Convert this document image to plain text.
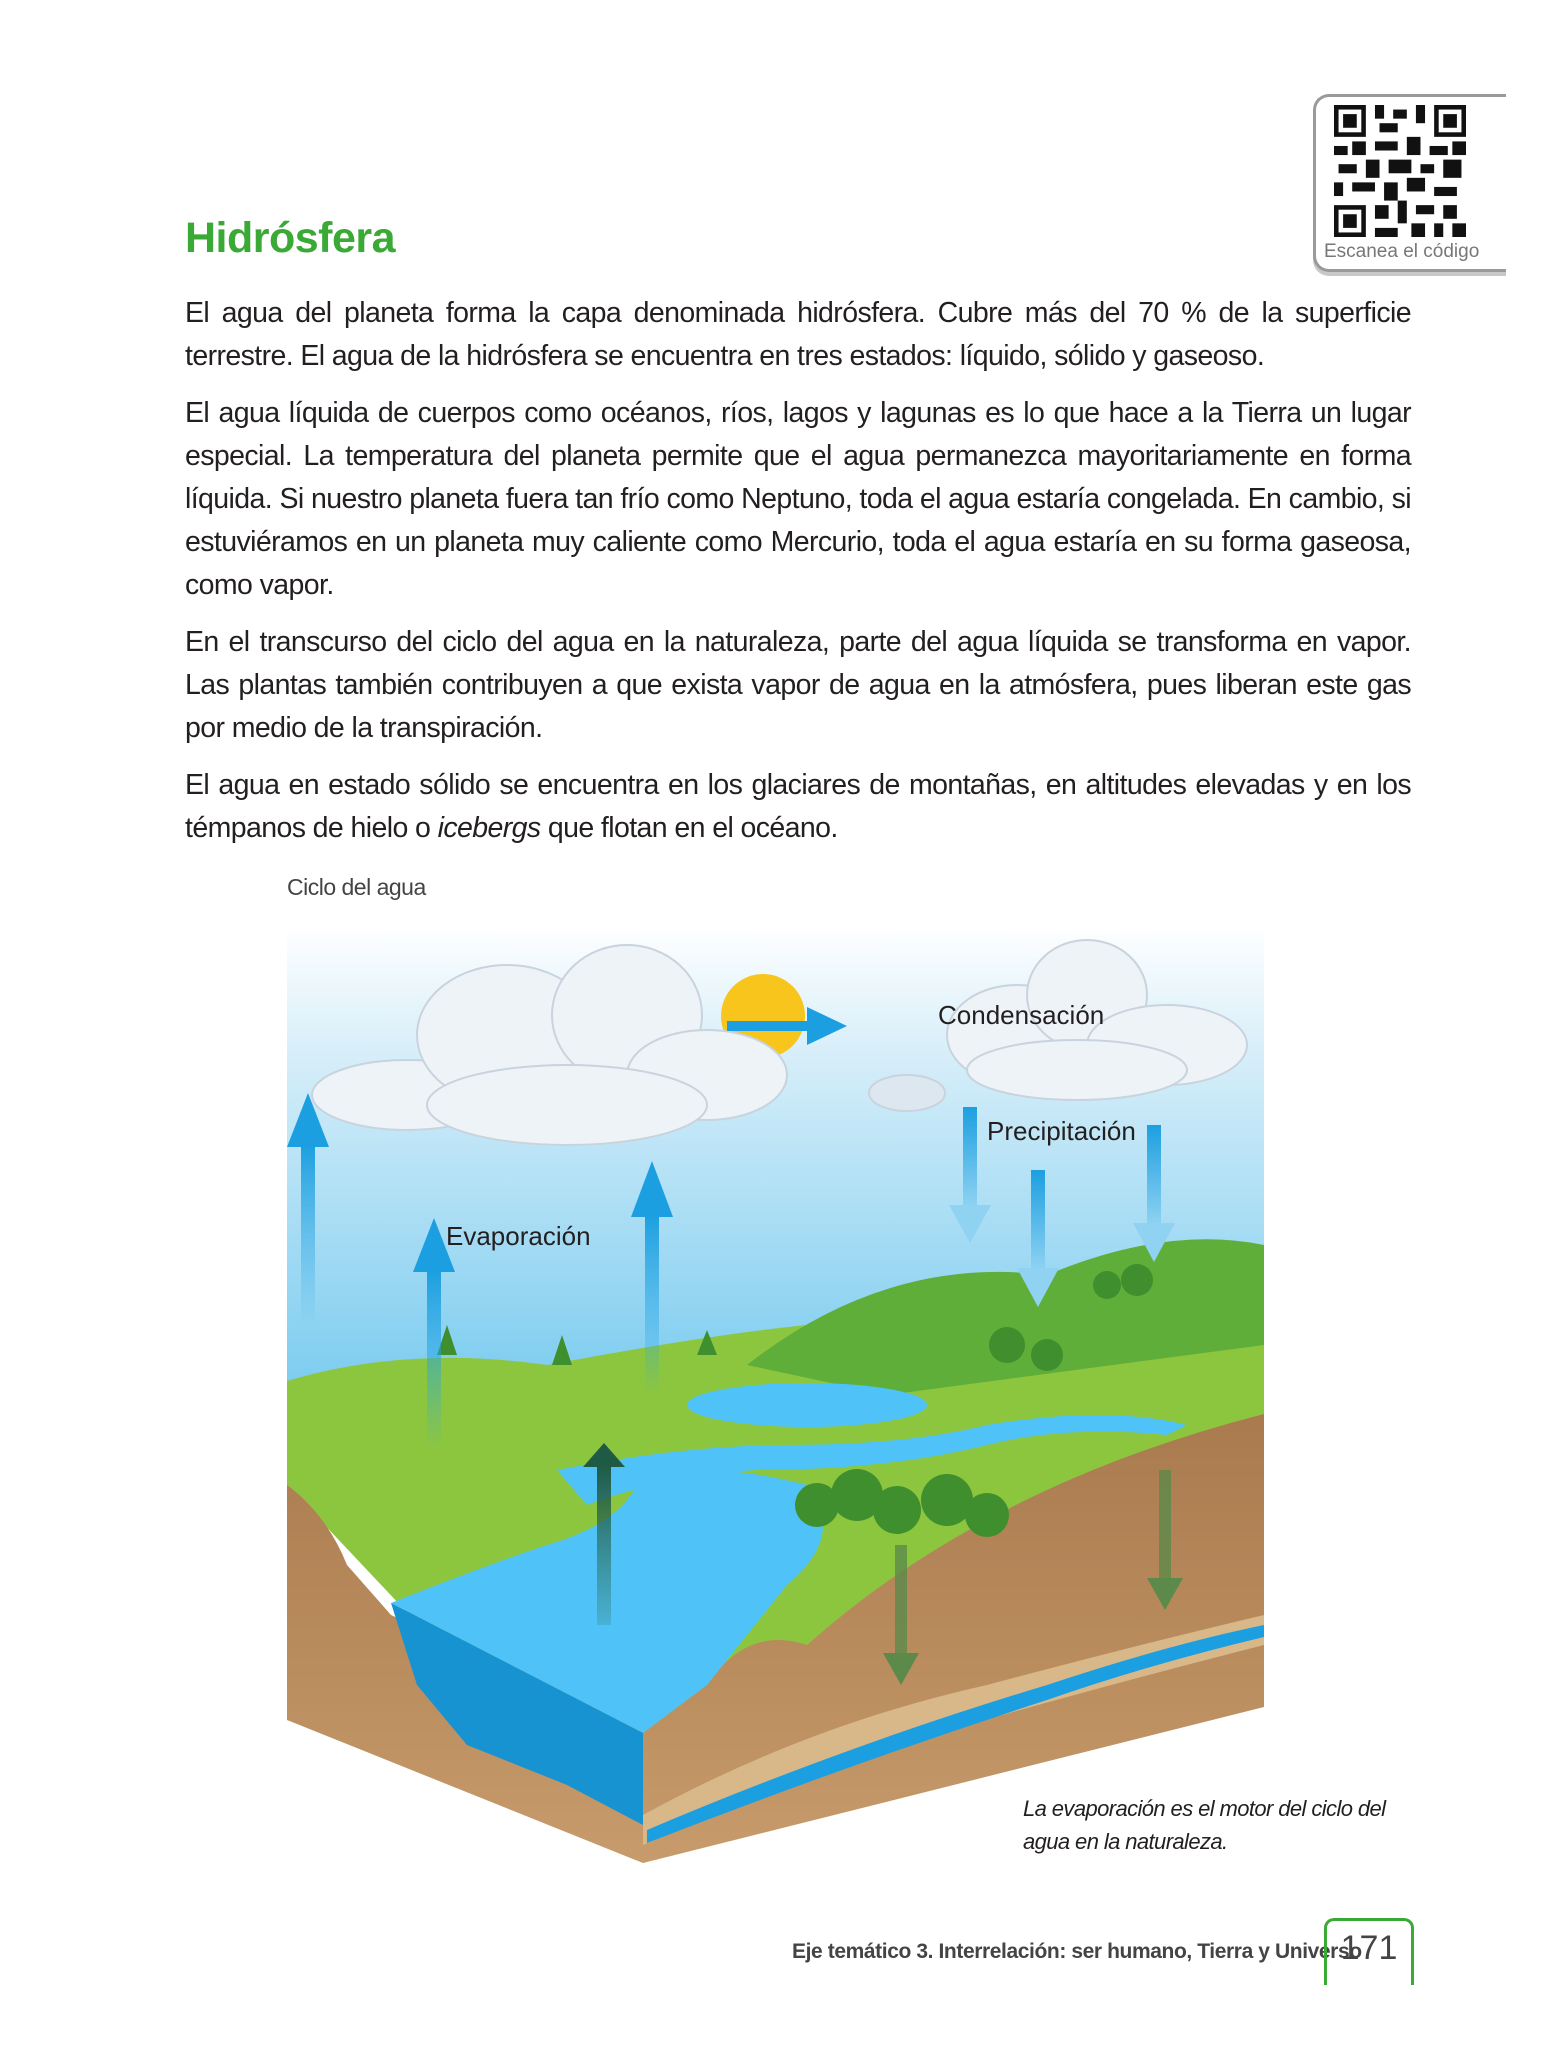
Escanea el código
Hidrósfera

El agua del planeta forma la capa denominada hidrósfera. Cubre más del 70 % de la superficie terrestre. El agua de la hidrósfera se encuentra en tres estados: líquido, sólido y gaseoso.

El agua líquida de cuerpos como océanos, ríos, lagos y lagunas es lo que hace a la Tierra un lugar especial. La temperatura del planeta permite que el agua permanezca mayoritariamente en forma líquida. Si nuestro planeta fuera tan frío como Neptuno, toda el agua estaría congelada. En cambio, si estuviéramos en un planeta muy caliente como Mercurio, toda el agua estaría en su forma gaseosa, como vapor.

En el transcurso del ciclo del agua en la naturaleza, parte del agua líquida se transforma en vapor. Las plantas también contribuyen a que exista vapor de agua en la atmósfera, pues liberan este gas por medio de la transpiración.

El agua en estado sólido se encuentra en los glaciares de montañas, en altitudes elevadas y en los témpanos de hielo o icebergs que flotan en el océano.

Ciclo del agua
Condensación
Precipitación
Evaporación
La evaporación es el motor del ciclo del agua en la naturaleza.
Eje temático 3. Interrelación: ser humano, Tierra y Universo
171
